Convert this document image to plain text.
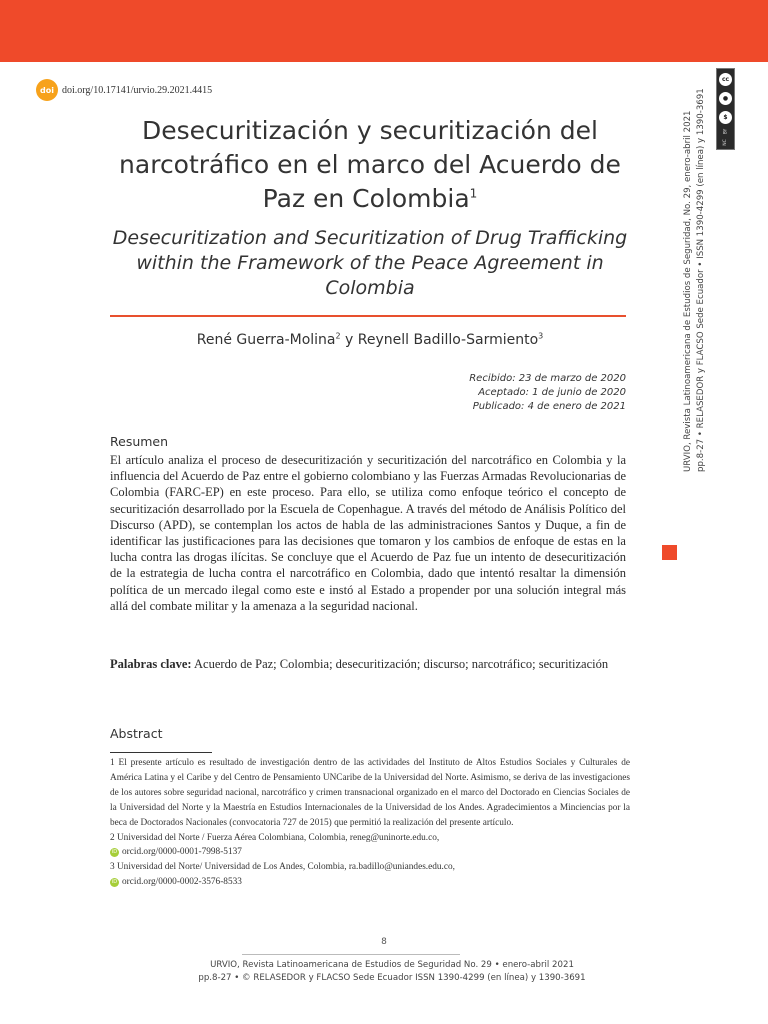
doi doi.org/10.17141/urvio.29.2021.4415
Desecuritización y securitización del narcotráfico en el marco del Acuerdo de Paz en Colombia$^1$
Desecuritization and Securitization of Drug Trafficking within the Framework of the Peace Agreement in Colombia
René Guerra-Molina$^2$ y Reynell Badillo-Sarmiento$^3$
Recibido: 23 de marzo de 2020
Aceptado: 1 de junio de 2020
Publicado: 4 de enero de 2021
Resumen
El artículo analiza el proceso de desecuritización y securitización del narcotráfico en Colombia y la influencia del Acuerdo de Paz entre el gobierno colombiano y las Fuerzas Armadas Revolucionarias de Colombia (FARC-EP) en este proceso. Para ello, se utiliza como enfoque teórico el concepto de securitización desarrollado por la Escuela de Copenhague. A través del método de Análisis Político del Discurso (APD), se contemplan los actos de habla de las administraciones Santos y Duque, a fin de identificar las justificaciones para las decisiones que tomaron y los cambios de enfoque de estas en la lucha contra las drogas ilícitas. Se concluye que el Acuerdo de Paz fue un intento de desecuritización de la estrategia de lucha contra el narcotráfico en Colombia, dado que intentó resaltar la dimensión política de un mercado ilegal como este e instó al Estado a propender por una solución integral más allá del combate militar y la amenaza a la seguridad nacional.
Palabras clave: Acuerdo de Paz; Colombia; desecuritización; discurso; narcotráfico; securitización
Abstract

1 El presente artículo es resultado de investigación dentro de las actividades del Instituto de Altos Estudios Sociales y Culturales de América Latina y el Caribe y del Centro de Pensamiento UNCaribe de la Universidad del Norte. Asimismo, se deriva de las investigaciones de los autores sobre seguridad nacional, narcotráfico y crimen transnacional organizado en el marco del Doctorado en Ciencias Sociales de la Universidad del Norte y la Maestría en Estudios Internacionales de la Universidad de los Andes. Agradecimientos a Minciencias por la beca de Doctorados Nacionales (convocatoria 727 de 2015) que permitió la realización del presente artículo.

2 Universidad del Norte / Fuerza Aérea Colombiana, Colombia, reneg@uninorte.edu.co,

iD orcid.org/0000-0001-7998-5137

3 Universidad del Norte/ Universidad de Los Andes, Colombia, ra.badillo@uniandes.edu.co,

iD orcid.org/0000-0002-3576-8533

8
URVIO, Revista Latinoamericana de Estudios de Seguridad No. 29 • enero-abril 2021
pp.8-27 • © RELASEDOR y FLACSO Sede Ecuador ISSN 1390-4299 (en línea) y 1390-3691
URVIO, Revista Latinoamericana de Estudios de Seguridad, No. 29, enero-abril 2021 pp.8-27 • RELASEDOR y FLACSO Sede Ecuador • ISSN 1390-4299 (en línea) y 1390-3691
cc
●
$
BY
NC
